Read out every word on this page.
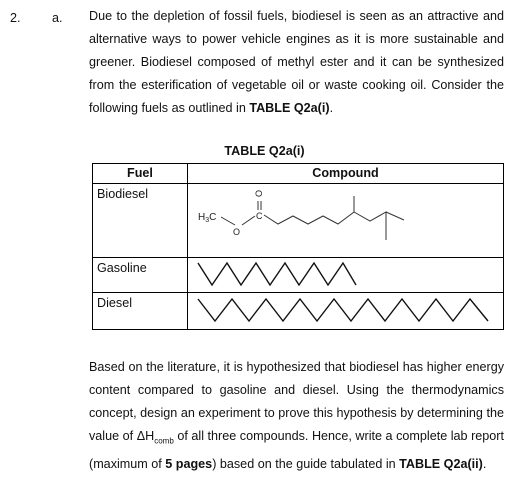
2. a. Due to the depletion of fossil fuels, biodiesel is seen as an attractive and alternative ways to power vehicle engines as it is more sustainable and greener. Biodiesel composed of methyl ester and it can be synthesized from the esterification of vegetable oil or waste cooking oil. Consider the following fuels as outlined in TABLE Q2a(i).

TABLE Q2a(i)
Fuel	Compound

Biodiesel	$H_3C$
O
C
O

Gasoline

Diesel

Based on the literature, it is hypothesized that biodiesel has higher energy content compared to gasoline and diesel. Using the thermodynamics concept, design an experiment to prove this hypothesis by determining the value of $\Delta H_{comb}$ of all three compounds. Hence, write a complete lab report (maximum of 5 pages) based on the guide tabulated in TABLE Q2a(ii).
